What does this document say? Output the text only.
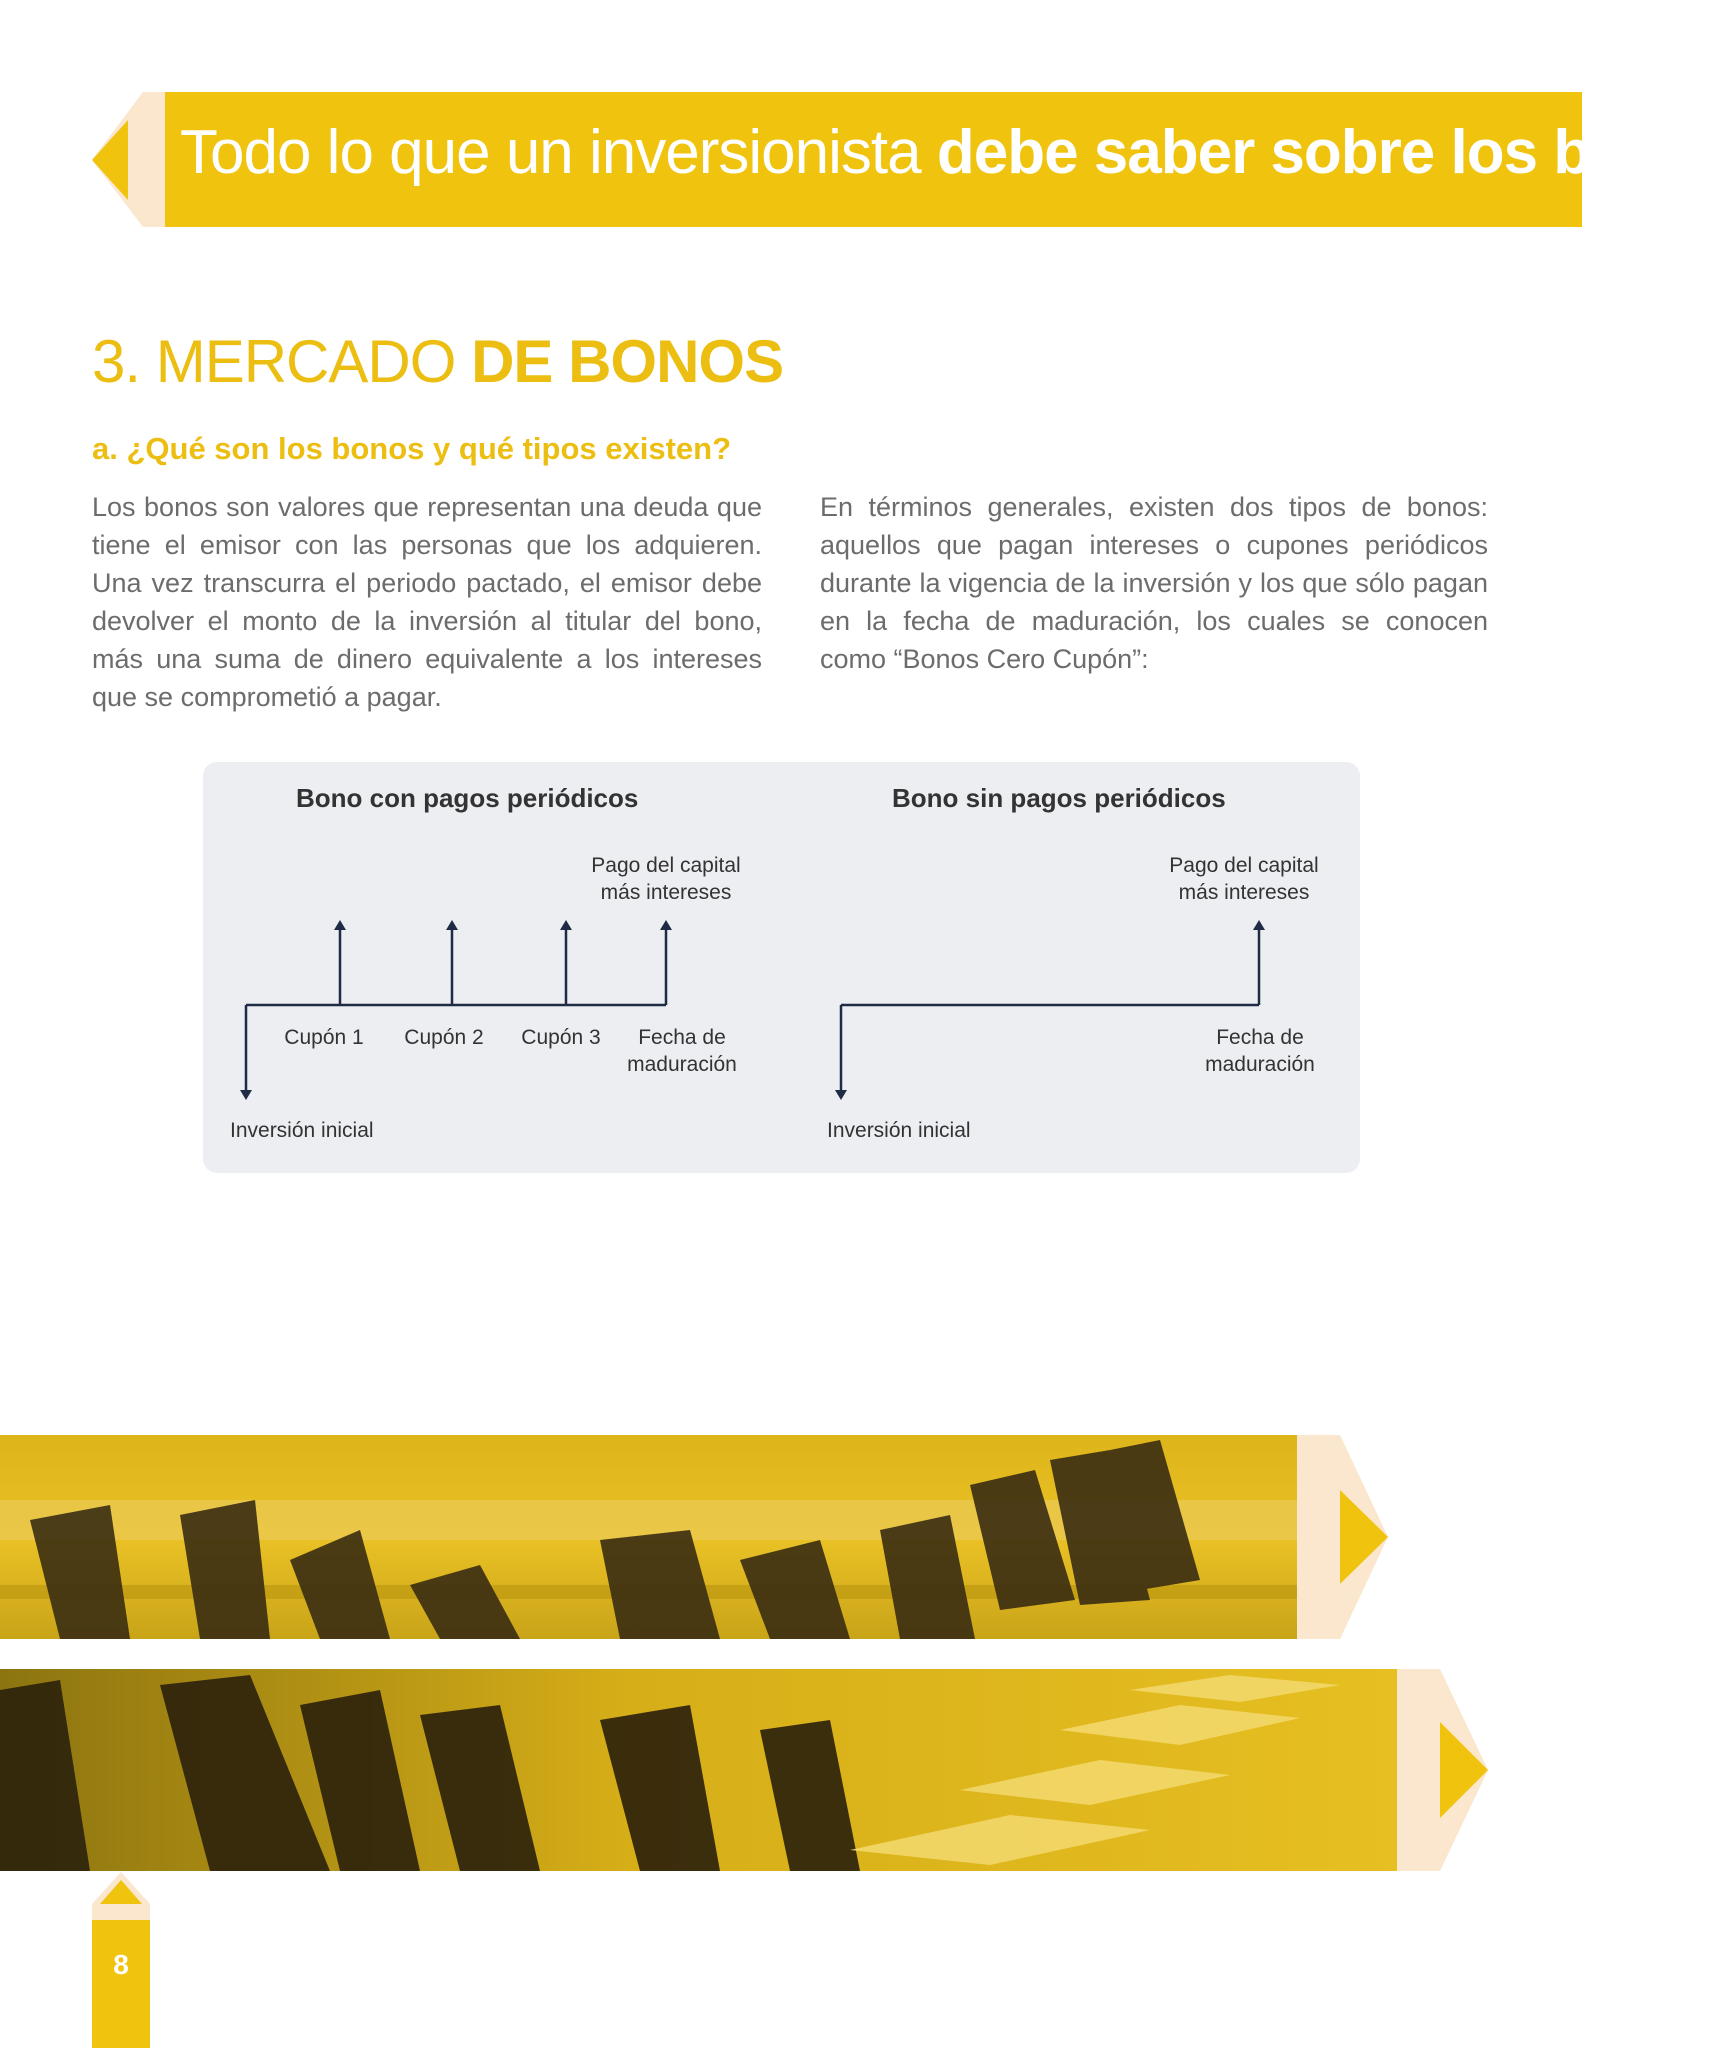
Todo lo que un inversionista debe saber sobre los bonos
3. MERCADO DE BONOS
a. ¿Qué son los bonos y qué tipos existen?
Los bonos son valores que representan una deuda que tiene el emisor con las personas que los adquieren. Una vez transcurra el periodo pactado, el emisor debe devolver el monto de la inversión al titular del bono, más una suma de dinero equivalente a los intereses que se comprometió a pagar.
En términos generales, existen dos tipos de bonos: aquellos que pagan intereses o cupones periódicos durante la vigencia de la inversión y los que sólo pagan en la fecha de maduración, los cuales se conocen como “Bonos Cero Cupón”:
Bono con pagos periódicos
Pago del capital
más intereses
Cupón 1 Cupón 2 Cupón 3 Fecha de
maduración
Inversión inicial
Bono sin pagos periódicos
Pago del capital
más intereses
Fecha de
maduración
Inversión inicial
8
